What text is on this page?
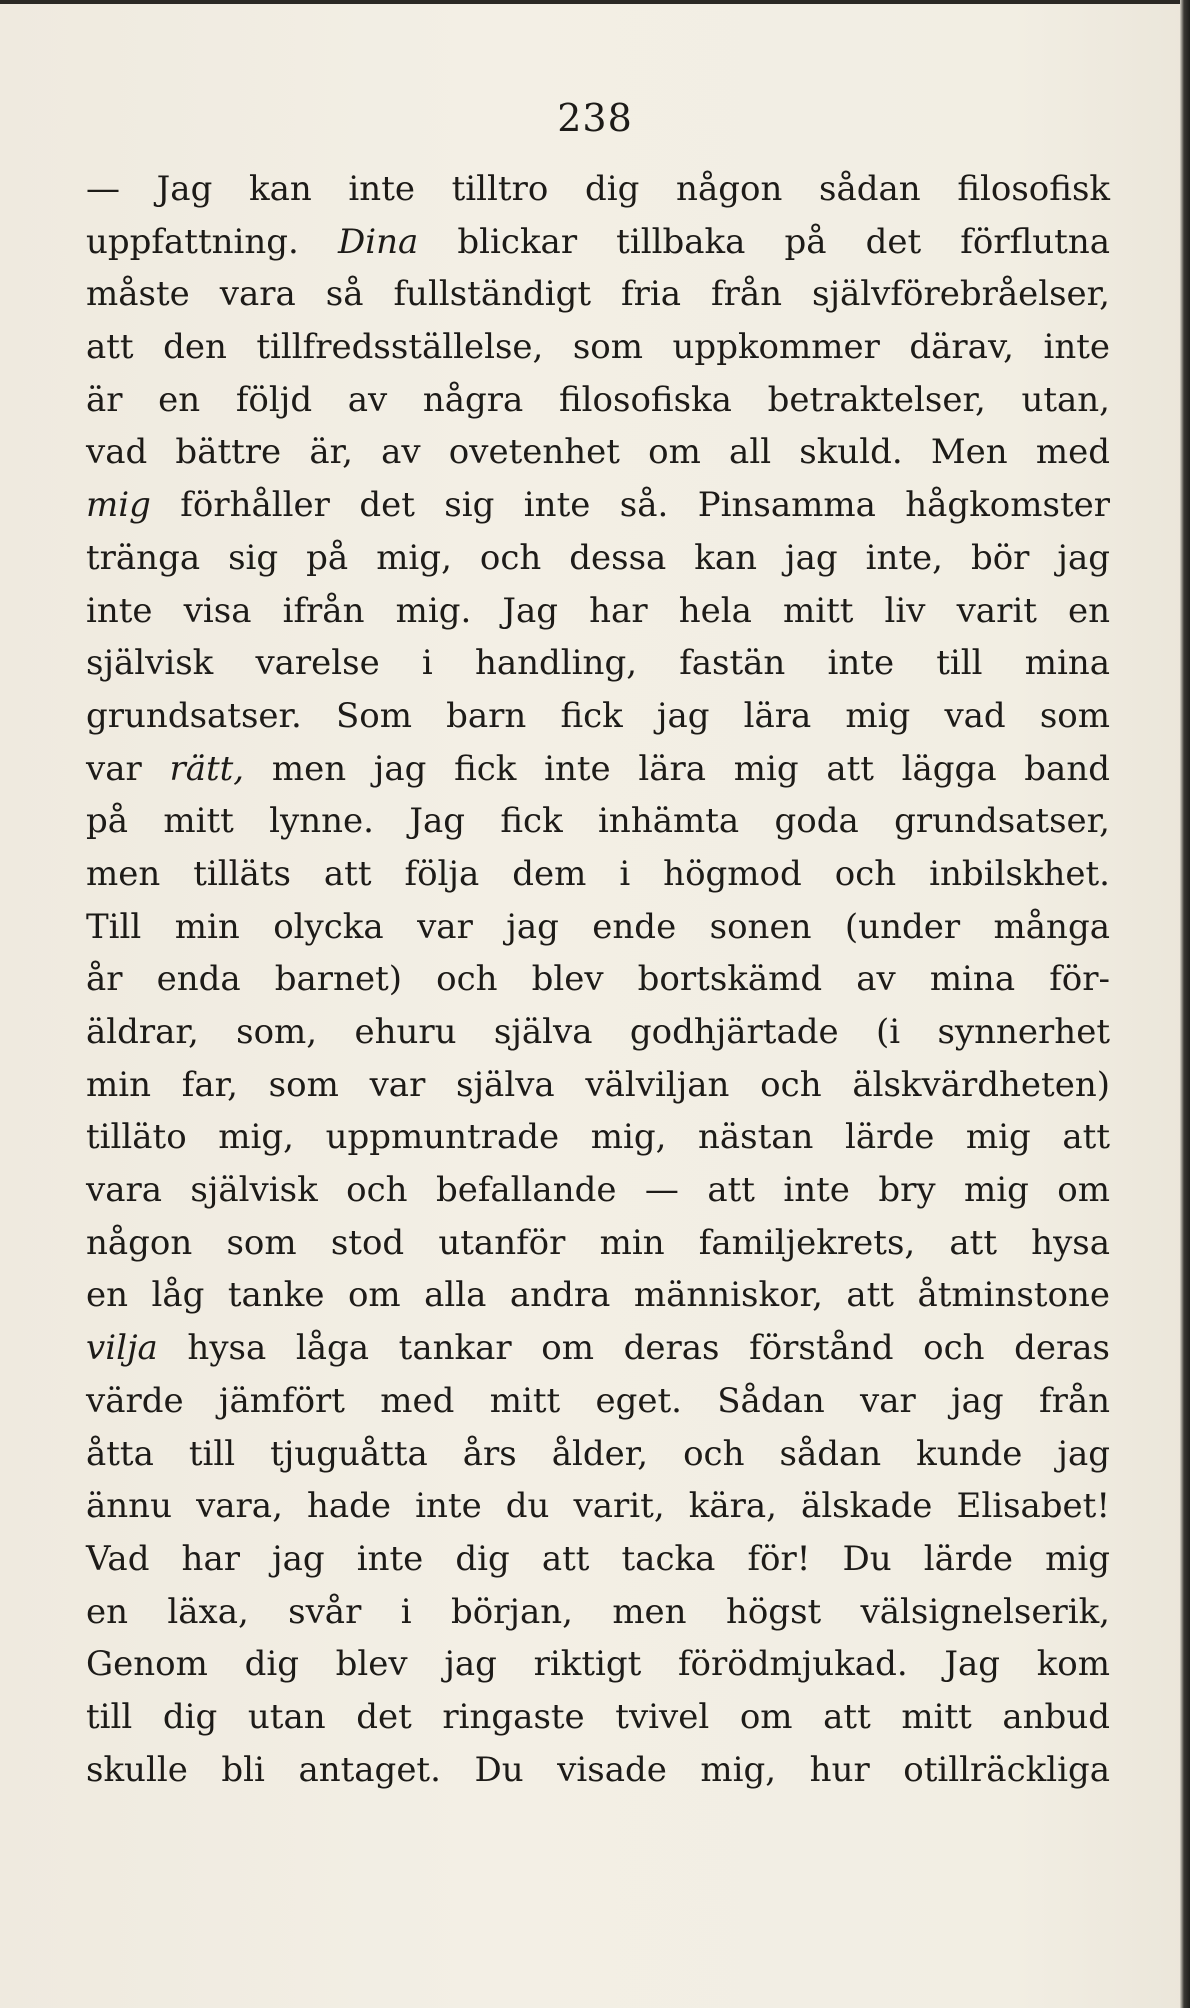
238
— Jag kan inte tilltro dig någon sådan filosofisk
uppfattning. Dina blickar tillbaka på det förflutna
måste vara så fullständigt fria från självförebråelser,
att den tillfredsställelse, som uppkommer därav, inte
är en följd av några filosofiska betraktelser, utan,
vad bättre är, av ovetenhet om all skuld. Men med
mig förhåller det sig inte så. Pinsamma hågkomster
tränga sig på mig, och dessa kan jag inte, bör jag
inte visa ifrån mig. Jag har hela mitt liv varit en
självisk varelse i handling, fastän inte till mina
grundsatser. Som barn fick jag lära mig vad som
var rätt, men jag fick inte lära mig att lägga band
på mitt lynne. Jag fick inhämta goda grundsatser,
men tilläts att följa dem i högmod och inbilskhet.
Till min olycka var jag ende sonen (under många
år enda barnet) och blev bortskämd av mina för-
äldrar, som, ehuru själva godhjärtade (i synnerhet
min far, som var själva välviljan och älskvärdheten)
tilläto mig, uppmuntrade mig, nästan lärde mig att
vara självisk och befallande — att inte bry mig om
någon som stod utanför min familjekrets, att hysa
en låg tanke om alla andra människor, att åtminstone
vilja hysa låga tankar om deras förstånd och deras
värde jämfört med mitt eget. Sådan var jag från
åtta till tjuguåtta års ålder, och sådan kunde jag
ännu vara, hade inte du varit, kära, älskade Elisabet!
Vad har jag inte dig att tacka för! Du lärde mig
en läxa, svår i början, men högst välsignelserik,
Genom dig blev jag riktigt förödmjukad. Jag kom
till dig utan det ringaste tvivel om att mitt anbud
skulle bli antaget. Du visade mig, hur otillräckliga
